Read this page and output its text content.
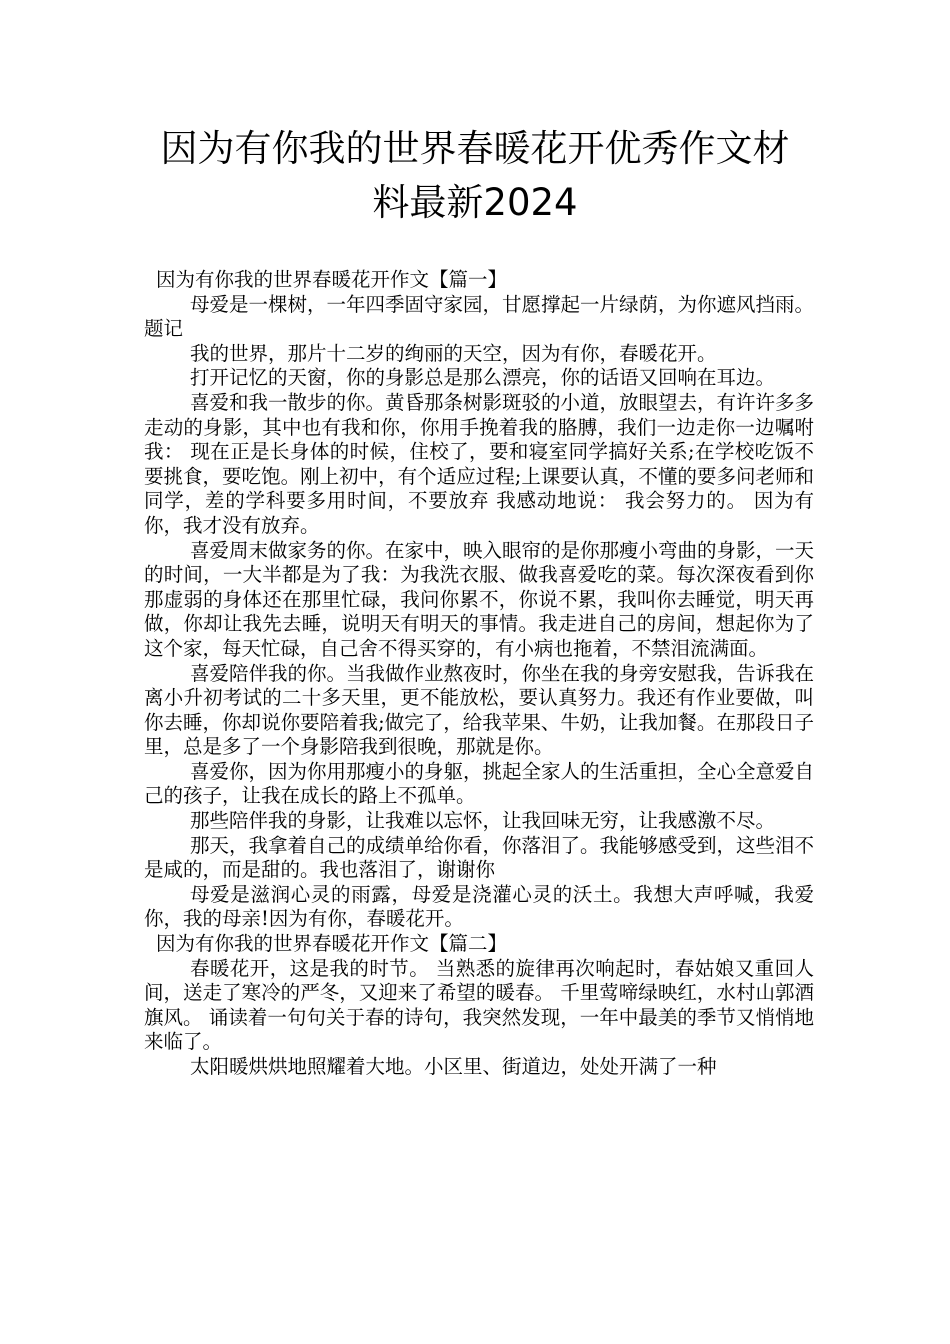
因为有你我的世界春暖花开优秀作文材
料最新2024

因为有你我的世界春暖花开作文【篇一】

母爱是一棵树，一年四季固守家园，甘愿撑起一片绿荫，为你遮风挡雨。 题记

我的世界，那片十二岁的绚丽的天空，因为有你，春暖花开。

打开记忆的天窗，你的身影总是那么漂亮，你的话语又回响在耳边。

喜爱和我一散步的你。黄昏那条树影斑驳的小道，放眼望去，有许许多多走动的身影，其中也有我和你，你用手挽着我的胳膊，我们一边走你一边嘱咐我： 现在正是长身体的时候，住校了，要和寝室同学搞好关系;在学校吃饭不要挑食，要吃饱。刚上初中，有个适应过程;上课要认真，不懂的要多问老师和同学，差的学科要多用时间，不要放弃 我感动地说： 我会努力的。 因为有你，我才没有放弃。

喜爱周末做家务的你。在家中，映入眼帘的是你那瘦小弯曲的身影，一天的时间，一大半都是为了我：为我洗衣服、做我喜爱吃的菜。每次深夜看到你那虚弱的身体还在那里忙碌，我问你累不，你说不累，我叫你去睡觉，明天再做，你却让我先去睡，说明天有明天的事情。我走进自己的房间，想起你为了这个家，每天忙碌，自己舍不得买穿的，有小病也拖着，不禁泪流满面。

喜爱陪伴我的你。当我做作业熬夜时，你坐在我的身旁安慰我，告诉我在离小升初考试的二十多天里，更不能放松，要认真努力。我还有作业要做，叫你去睡，你却说你要陪着我;做完了，给我苹果、牛奶，让我加餐。在那段日子里，总是多了一个身影陪我到很晚，那就是你。

喜爱你，因为你用那瘦小的身躯，挑起全家人的生活重担，全心全意爱自己的孩子，让我在成长的路上不孤单。

那些陪伴我的身影，让我难以忘怀，让我回味无穷，让我感激不尽。

那天，我拿着自己的成绩单给你看，你落泪了。我能够感受到，这些泪不是咸的，而是甜的。我也落泪了，谢谢你

母爱是滋润心灵的雨露，母爱是浇灌心灵的沃土。我想大声呼喊，我爱你，我的母亲!因为有你，春暖花开。

因为有你我的世界春暖花开作文【篇二】

春暖花开，这是我的时节。 当熟悉的旋律再次响起时，春姑娘又重回人间，送走了寒冷的严冬，又迎来了希望的暖春。 千里莺啼绿映红，水村山郭酒旗风。 诵读着一句句关于春的诗句，我突然发现，一年中最美的季节又悄悄地来临了。

太阳暖烘烘地照耀着大地。小区里、街道边，处处开满了一种
